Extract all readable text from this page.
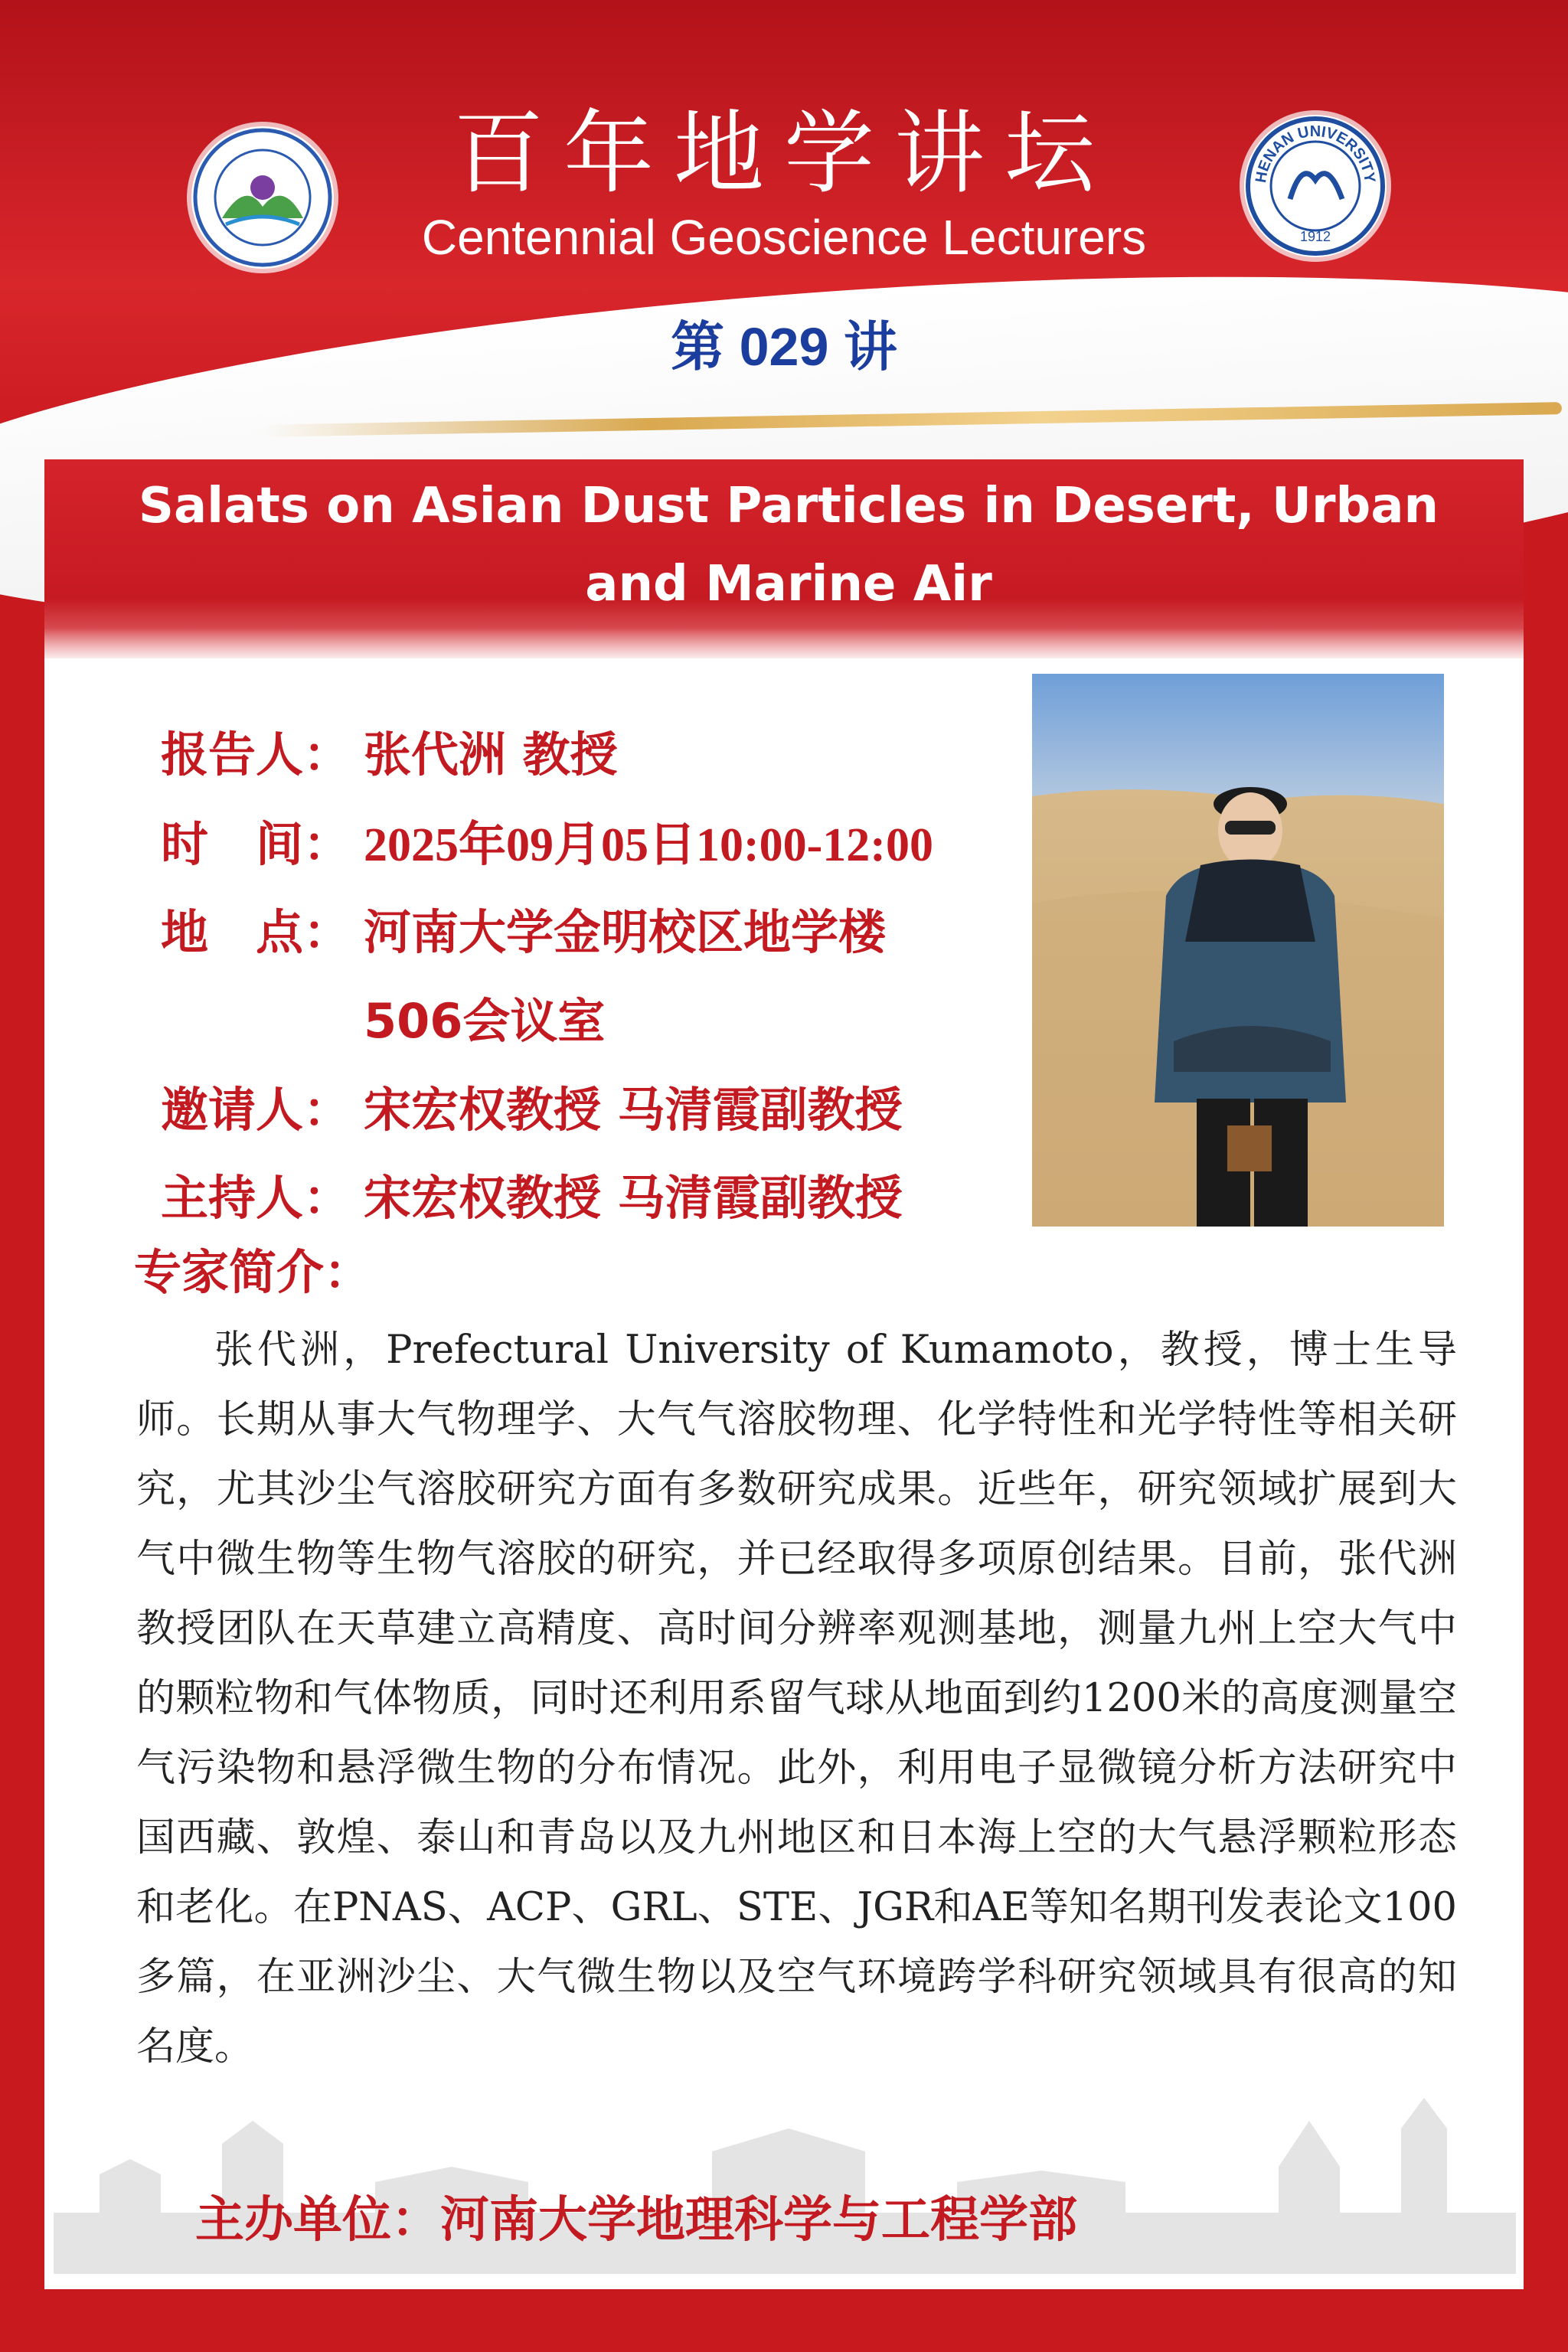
HENAN UNIVERSITY
1912
百年地学讲坛
Centennial Geoscience Lecturers
第 029 讲
Salats on Asian Dust Particles in Desert, Urban and Marine Air
报告人： 张代洲 教授
时　间： 2025年09月05日10:00-12:00
地　点： 河南大学金明校区地学楼
506会议室
邀请人： 宋宏权教授 马清霞副教授
主持人： 宋宏权教授 马清霞副教授
专家简介：
张代洲，Prefectural University of Kumamoto，教授，博士生导师。长期从事大气物理学、大气气溶胶物理、化学特性和光学特性等相关研究，尤其沙尘气溶胶研究方面有多数研究成果。近些年，研究领域扩展到大气中微生物等生物气溶胶的研究，并已经取得多项原创结果。目前，张代洲教授团队在天草建立高精度、高时间分辨率观测基地，测量九州上空大气中的颗粒物和气体物质，同时还利用系留气球从地面到约1200米的高度测量空气污染物和悬浮微生物的分布情况。此外，利用电子显微镜分析方法研究中国西藏、敦煌、泰山和青岛以及九州地区和日本海上空的大气悬浮颗粒形态和老化。在PNAS、ACP、GRL、STE、JGR和AE等知名期刊发表论文100多篇，在亚洲沙尘、大气微生物以及空气环境跨学科研究领域具有很高的知名度。
主办单位：河南大学地理科学与工程学部
